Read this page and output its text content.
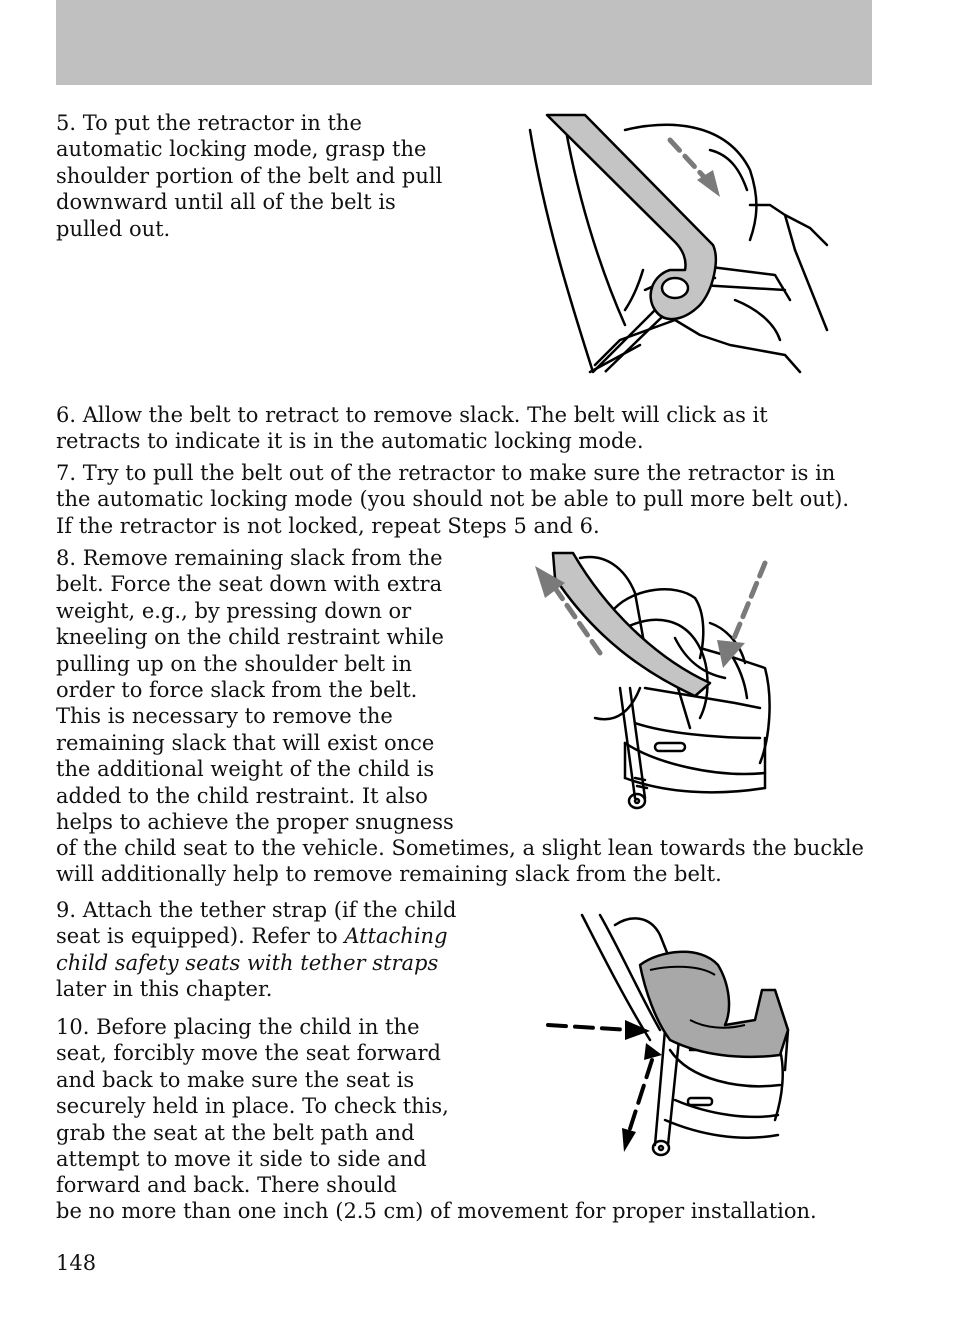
5. To put the retractor in the automatic locking mode, grasp the shoulder portion of the belt and pull downward until all of the belt is pulled out.

6. Allow the belt to retract to remove slack. The belt will click as it retracts to indicate it is in the automatic locking mode.

7. Try to pull the belt out of the retractor to make sure the retractor is in the automatic locking mode (you should not be able to pull more belt out). If the retractor is not locked, repeat Steps 5 and 6.

8. Remove remaining slack from the belt. Force the seat down with extra weight, e.g., by pressing down or kneeling on the child restraint while pulling up on the shoulder belt in order to force slack from the belt. This is necessary to remove the remaining slack that will exist once the additional weight of the child is added to the child restraint. It also helps to achieve the proper snugness

of the child seat to the vehicle. Sometimes, a slight lean towards the buckle will additionally help to remove remaining slack from the belt.

9. Attach the tether strap (if the child seat is equipped). Refer to Attaching child safety seats with tether straps later in this chapter.

10. Before placing the child in the seat, forcibly move the seat forward and back to make sure the seat is securely held in place. To check this, grab the seat at the belt path and attempt to move it side to side and forward and back. There should

be no more than one inch (2.5 cm) of movement for proper installation.

148
